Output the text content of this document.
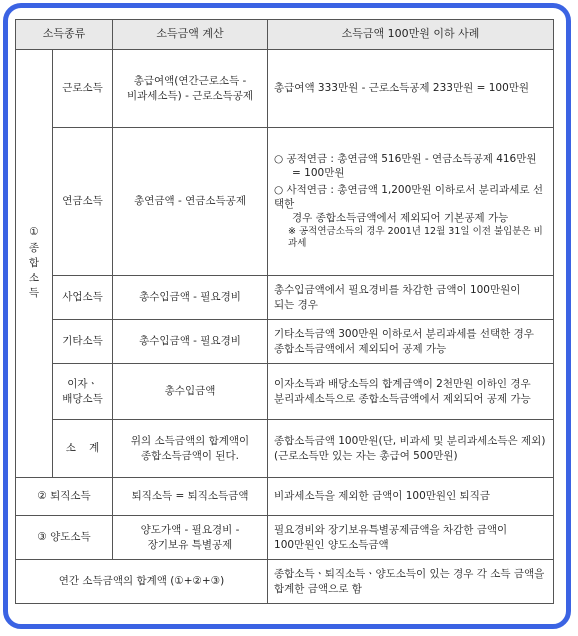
소득종류		소득금액 계산	소득금액 100만원 이하 사례

①
종
합
소
득	근로소득	총급여액(연간근로소득 -
비과세소득) - 근로소득공제	총급여액 333만원 - 근로소득공제 233만원 = 100만원

	연금소득	총연금액 - 연금소득공제	○ 공적연금 : 총연금액 516만원 - 연금소득공제 416만원
= 100만원
○ 사적연금 : 총연금액 1,200만원 이하로서 분리과세로 선택한
경우 종합소득금액에서 제외되어 기본공제 가능
※ 공적연금소득의 경우 2001년 12월 31일 이전 불입분은 비과세

	사업소득	총수입금액 - 필요경비	총수입금액에서 필요경비를 차감한 금액이 100만원이
되는 경우

	기타소득	총수입금액 - 필요경비	기타소득금액 300만원 이하로서 분리과세를 선택한 경우
종합소득금액에서 제외되어 공제 가능

	이자ㆍ
배당소득	총수입금액	이자소득과 배당소득의 합계금액이 2천만원 이하인 경우
분리과세소득으로 종합소득금액에서 제외되어 공제 가능

	소    계	위의 소득금액의 합계액이
종합소득금액이 된다.	종합소득금액 100만원(단, 비과세 및 분리과세소득은 제외)
(근로소득만 있는 자는 총급여 500만원)

② 퇴직소득		퇴직소득 = 퇴직소득금액	비과세소득을 제외한 금액이 100만원인 퇴직금

③ 양도소득		양도가액 - 필요경비 -
장기보유 특별공제	필요경비와 장기보유특별공제금액을 차감한 금액이
100만원인 양도소득금액

연간 소득금액의 합계액 (①+②+③)			종합소득ㆍ퇴직소득ㆍ양도소득이 있는 경우 각 소득 금액을
합계한 금액으로 함
